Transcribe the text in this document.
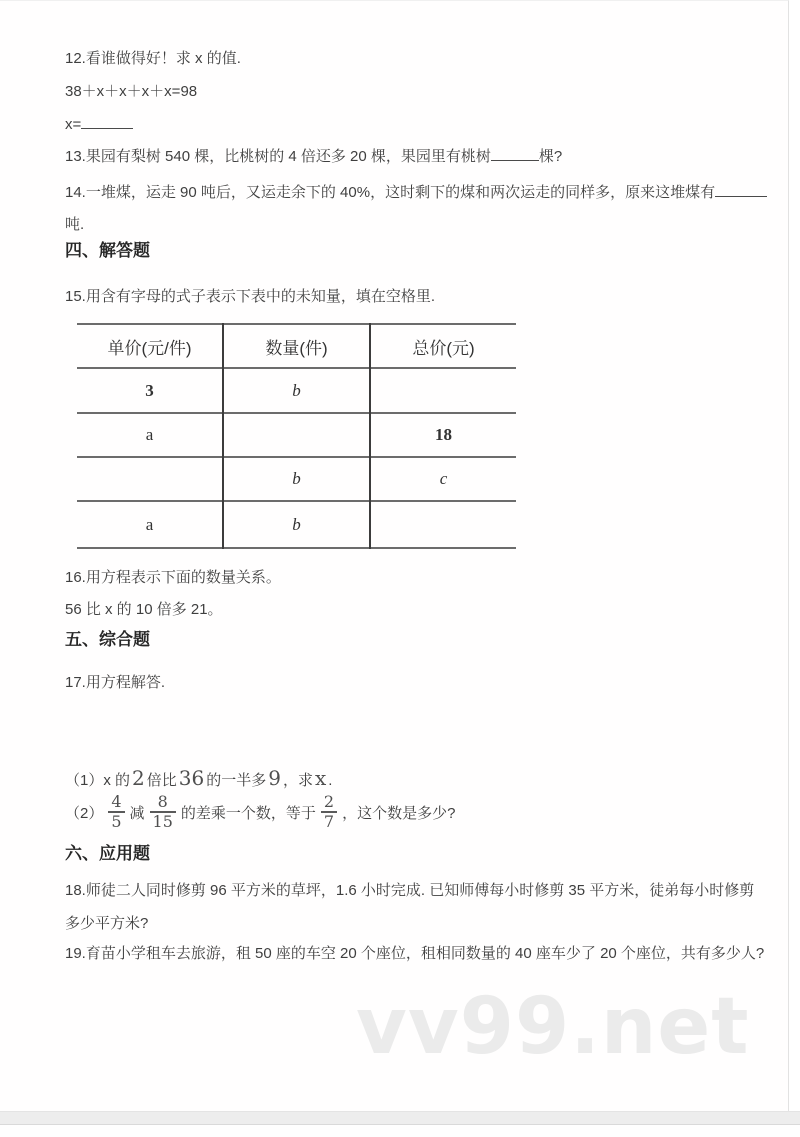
12.看谁做得好！求 x 的值.
38＋x＋x＋x＋x=98
x=
13.果园有梨树 540 棵，比桃树的 4 倍还多 20 棵，果园里有桃树	棵?
14.一堆煤，运走 90 吨后，又运走余下的 40%，这时剩下的煤和两次运走的同样多，原来这堆煤有
吨.
四、解答题
15.用含有字母的式子表示下表中的未知量，填在空格里.
单价(元/件)	数量(件)	总价(元)
3	b	
a		18
	b	c
a	b	
16.用方程表示下面的数量关系。
56 比 x 的 10 倍多 21。
五、综合题
17.用方程解答.
（1）x 的 2 倍比 36 的一半多 9 ，求 x .
$(2) \frac{4}{5}$ 减 $\frac{8}{15}$ 的差乘一个数，等于 $\frac{2}{7}$ ，这个数是多少?
六、应用题
18.师徒二人同时修剪 96 平方米的草坪，1.6 小时完成. 已知师傅每小时修剪 35 平方米，徒弟每小时修剪
多少平方米?
19.育苗小学租车去旅游，租 50 座的车空 20 个座位，租相同数量的 40 座车少了 20 个座位，共有多少人?
vv99.net
